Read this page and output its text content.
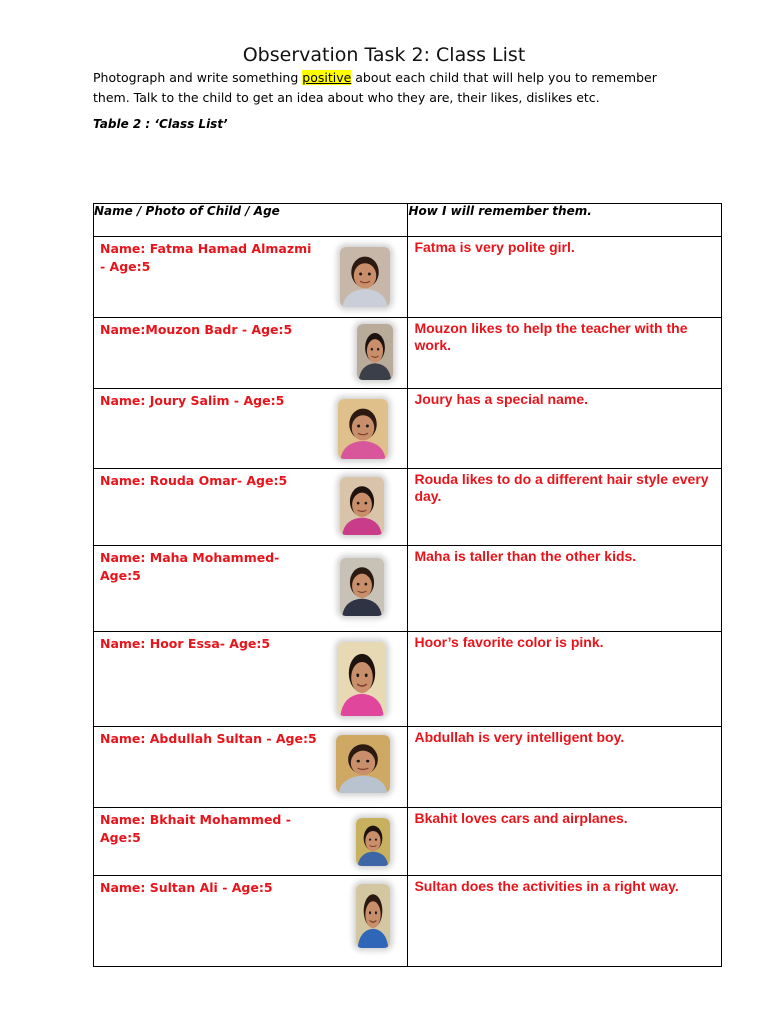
Observation Task 2: Class List
Photograph and write something positive about each child that will help you to remember them. Talk to the child to get an idea about who they are, their likes, dislikes etc.
Table 2 : ‘Class List’
Name / Photo of Child / Age	How I will remember them.

Name: Fatma Hamad Almazmi - Age:5	Fatma is very polite girl.

Name:Mouzon Badr - Age:5	Mouzon likes to help the teacher with the work.

Name: Joury Salim - Age:5	Joury has a special name.

Name: Rouda Omar- Age:5	Rouda likes to do a different hair style every day.

Name: Maha Mohammed- Age:5	Maha is taller than the other kids.

Name: Hoor Essa- Age:5	Hoor’s favorite color is pink.

Name: Abdullah Sultan - Age:5	Abdullah is very intelligent boy.

Name: Bkhait Mohammed - Age:5	Bkahit loves cars and airplanes.

Name: Sultan Ali - Age:5	Sultan does the activities in a right way.
